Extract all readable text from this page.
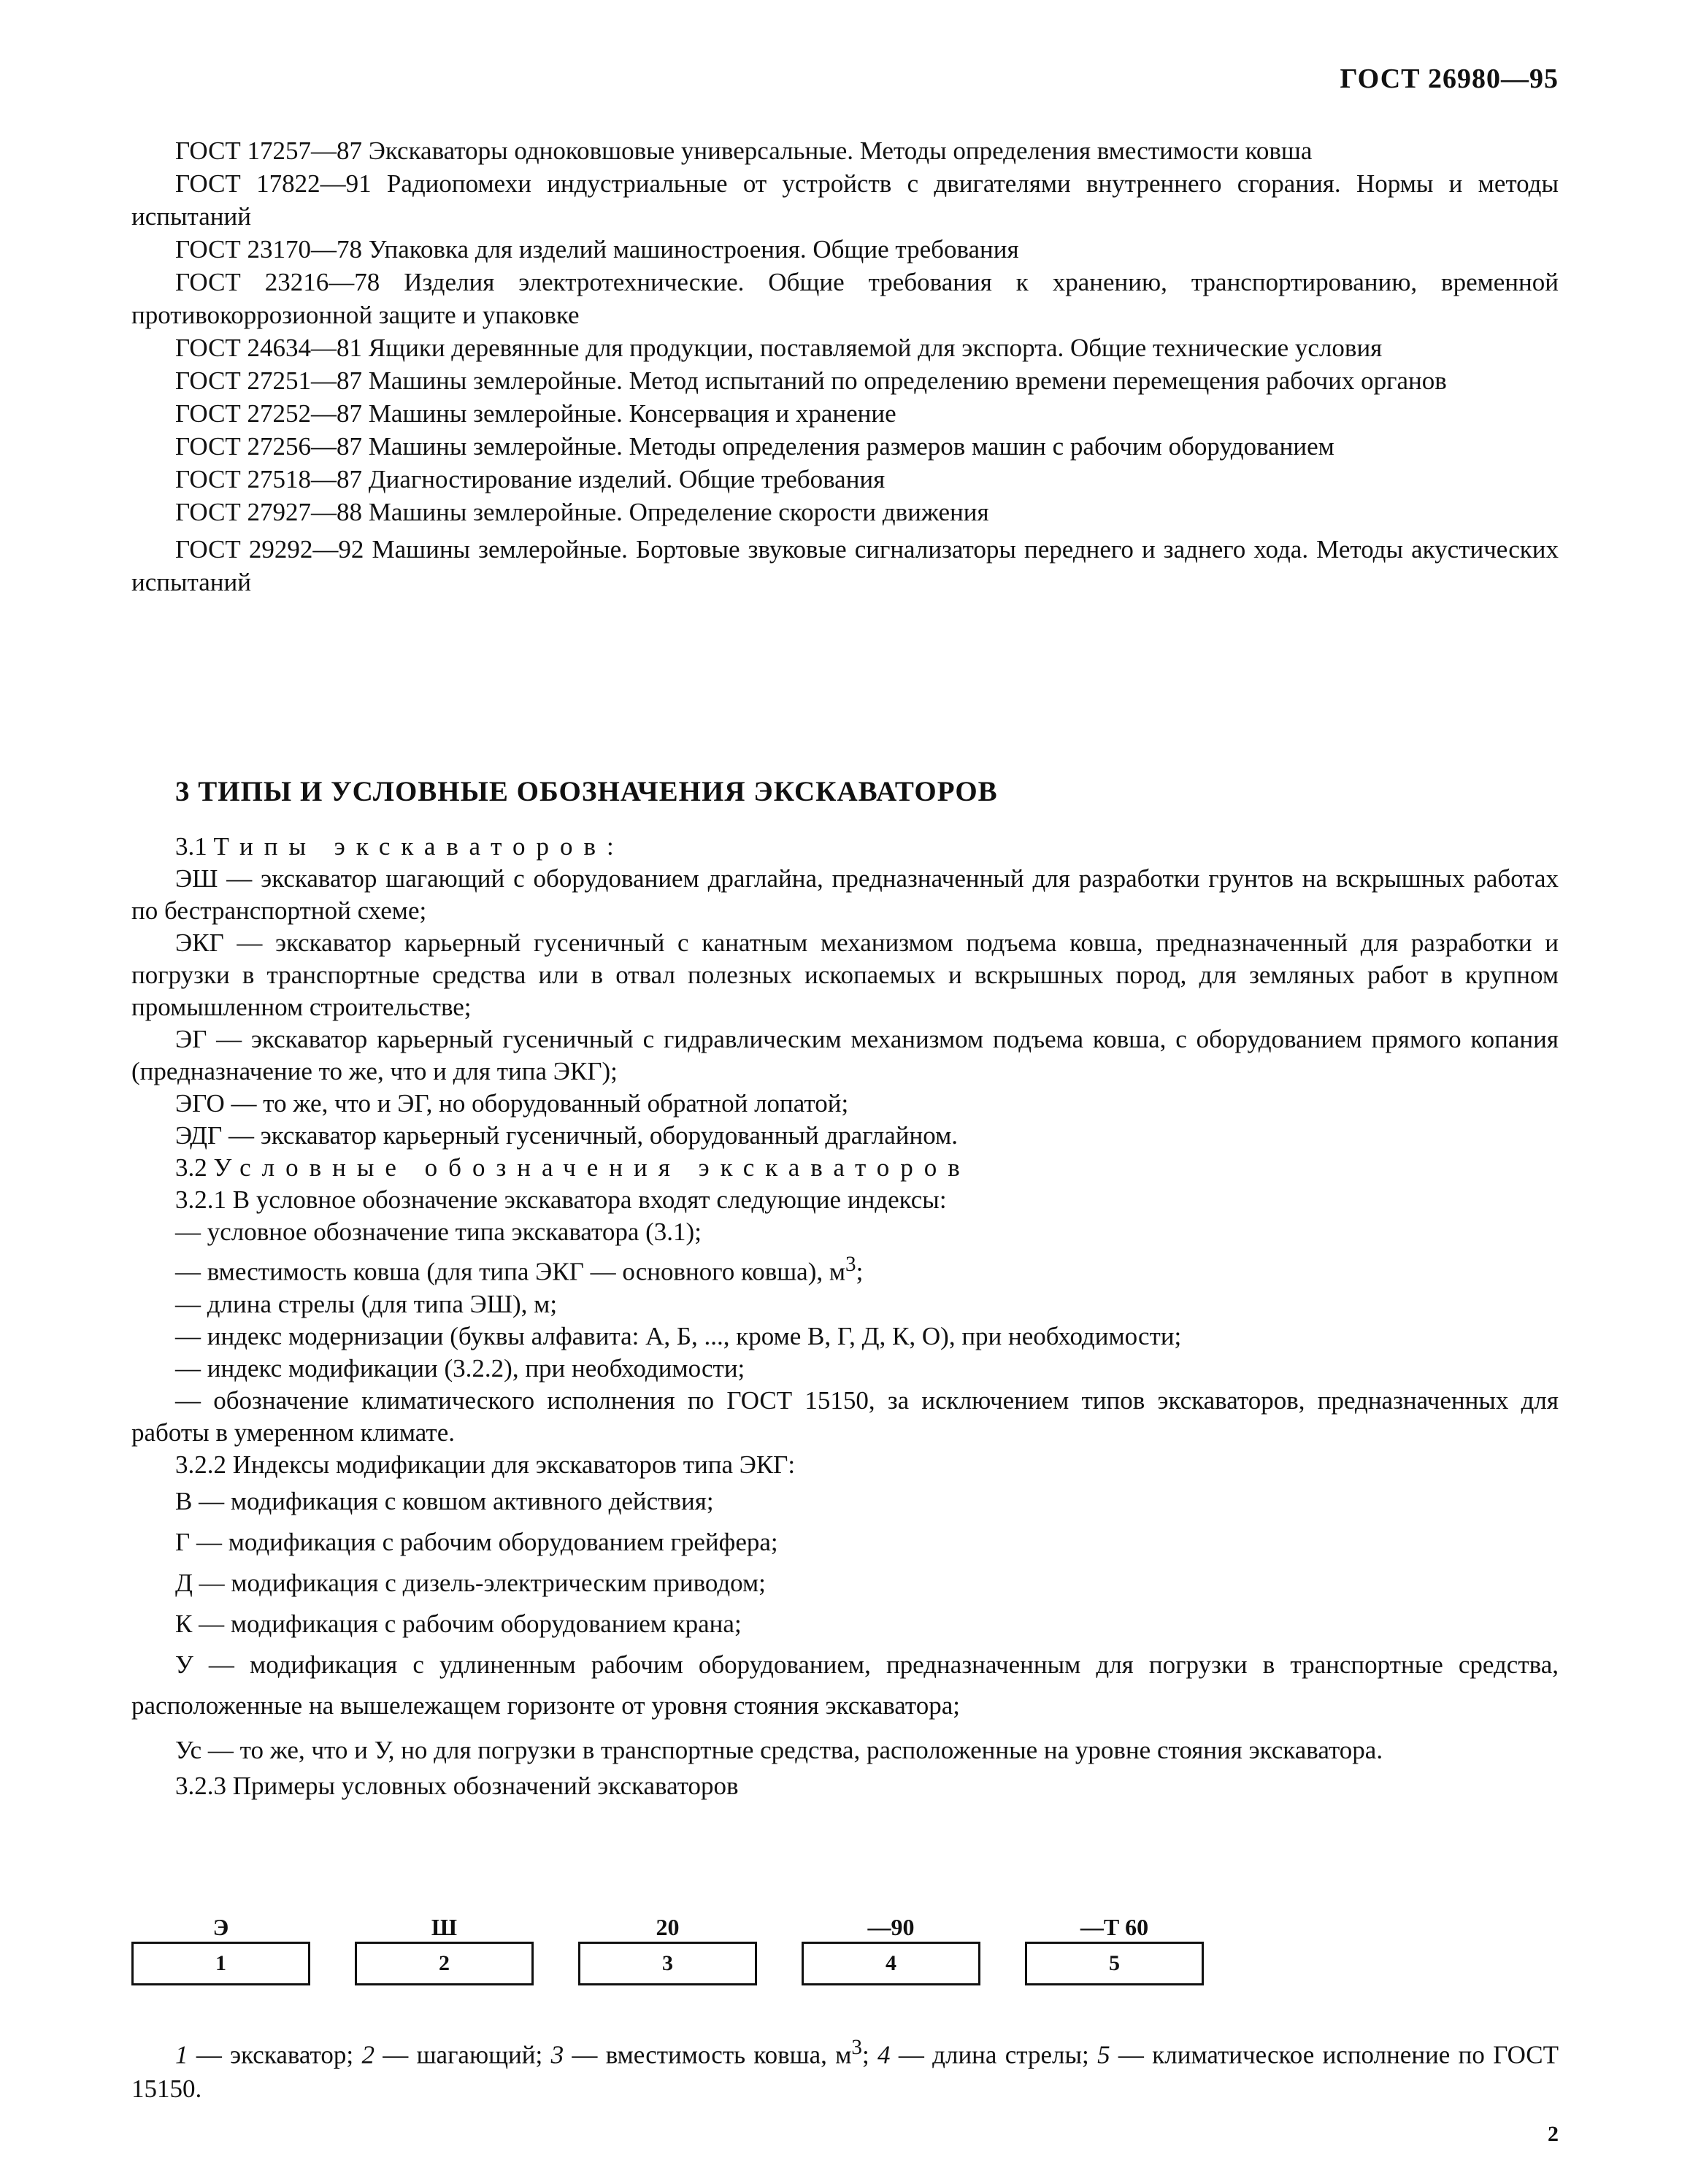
ГОСТ 26980—95

ГОСТ 17257—87 Экскаваторы одноковшовые универсальные. Методы определения вместимости ковша

ГОСТ 17822—91 Радиопомехи индустриальные от устройств с двигателями внутреннего сгорания. Нормы и методы испытаний

ГОСТ 23170—78 Упаковка для изделий машиностроения. Общие требования

ГОСТ 23216—78 Изделия электротехнические. Общие требования к хранению, транспортированию, временной противокоррозионной защите и упаковке

ГОСТ 24634—81 Ящики деревянные для продукции, поставляемой для экспорта. Общие технические условия

ГОСТ 27251—87 Машины землеройные. Метод испытаний по определению времени перемещения рабочих органов

ГОСТ 27252—87 Машины землеройные. Консервация и хранение

ГОСТ 27256—87 Машины землеройные. Методы определения размеров машин с рабочим оборудованием

ГОСТ 27518—87 Диагностирование изделий. Общие требования

ГОСТ 27927—88 Машины землеройные. Определение скорости движения

ГОСТ 29292—92 Машины землеройные. Бортовые звуковые сигнализаторы переднего и заднего хода. Методы акустических испытаний

3 ТИПЫ И УСЛОВНЫЕ ОБОЗНАЧЕНИЯ ЭКСКАВАТОРОВ

3.1 Типы экскаваторов:

ЭШ — экскаватор шагающий с оборудованием драглайна, предназначенный для разработки грунтов на вскрышных работах по бестранспортной схеме;

ЭКГ — экскаватор карьерный гусеничный с канатным механизмом подъема ковша, предназначенный для разработки и погрузки в транспортные средства или в отвал полезных ископаемых и вскрышных пород, для земляных работ в крупном промышленном строительстве;

ЭГ — экскаватор карьерный гусеничный с гидравлическим механизмом подъема ковша, с оборудованием прямого копания (предназначение то же, что и для типа ЭКГ);

ЭГО — то же, что и ЭГ, но оборудованный обратной лопатой;

ЭДГ — экскаватор карьерный гусеничный, оборудованный драглайном.

3.2 Условные обозначения экскаваторов

3.2.1 В условное обозначение экскаватора входят следующие индексы:

— условное обозначение типа экскаватора (3.1);

— вместимость ковша (для типа ЭКГ — основного ковша), $м^3$;

— длина стрелы (для типа ЭШ), м;

— индекс модернизации (буквы алфавита: А, Б, ..., кроме В, Г, Д, К, О), при необходимости;

— индекс модификации (3.2.2), при необходимости;

— обозначение климатического исполнения по ГОСТ 15150, за исключением типов экскаваторов, предназначенных для работы в умеренном климате.

3.2.2 Индексы модификации для экскаваторов типа ЭКГ:

В — модификация с ковшом активного действия;

Г — модификация с рабочим оборудованием грейфера;

Д — модификация с дизель-электрическим приводом;

К — модификация с рабочим оборудованием крана;

У — модификация с удлиненным рабочим оборудованием, предназначенным для погрузки в транспортные средства, расположенные на вышележащем горизонте от уровня стояния экскаватора;

Ус — то же, что и У, но для погрузки в транспортные средства, расположенные на уровне стояния экскаватора.

3.2.3 Примеры условных обозначений экскаваторов

Э
1
Ш
2
20
3
—90
4
—Т 60
5

1 — экскаватор; 2 — шагающий; 3 — вместимость ковша, $м^3$; 4 — длина стрелы; 5 — климатическое исполнение по ГОСТ 15150.

2
